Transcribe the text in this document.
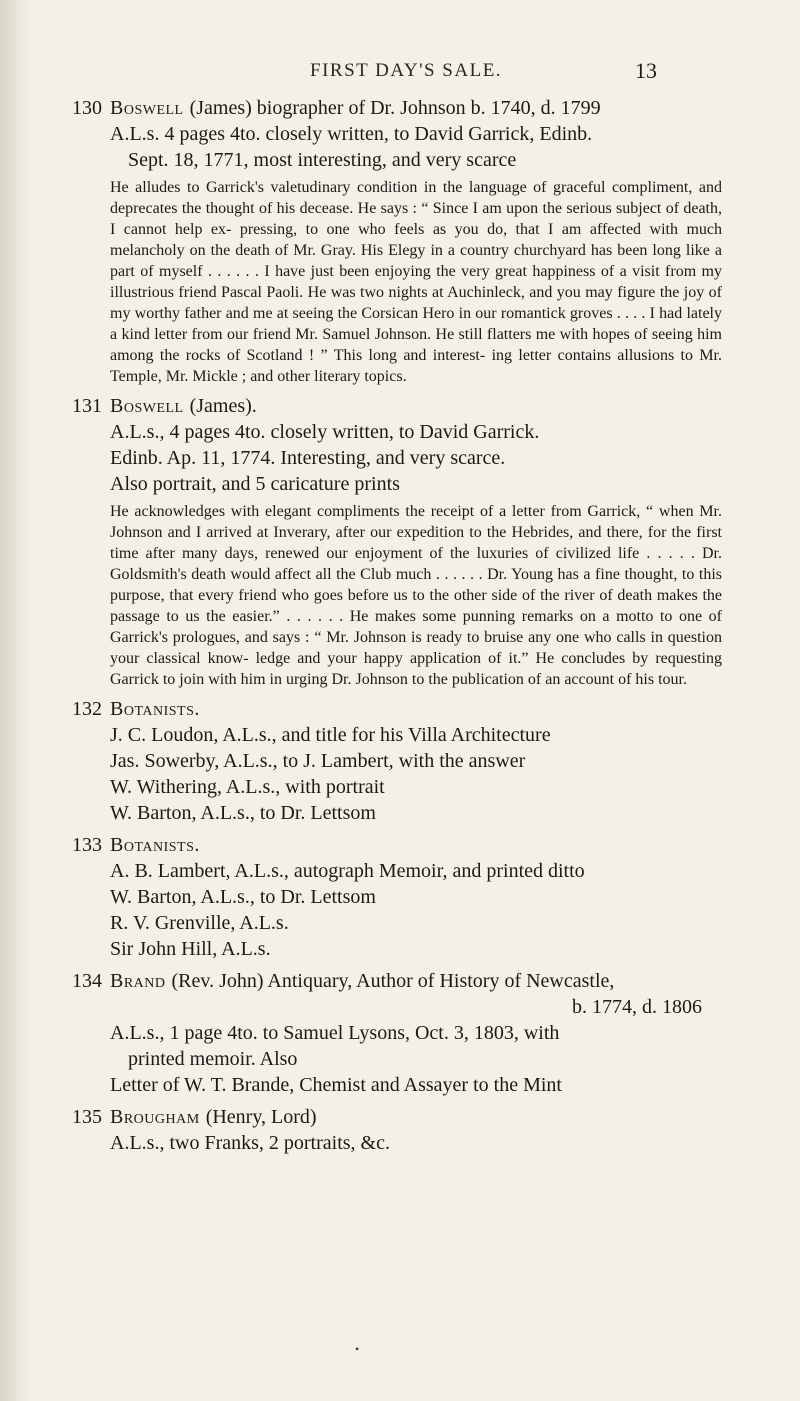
FIRST DAY'S SALE.	13
130 Boswell (James) biographer of Dr. Johnson b. 1740, d. 1799
A.L.s. 4 pages 4to. closely written, to David Garrick, Edinb.
Sept. 18, 1771, most interesting, and very scarce
He alludes to Garrick's valetudinary condition in the language of graceful compliment, and deprecates the thought of his decease. He says : “ Since I am upon the serious subject of death, I cannot help ex- pressing, to one who feels as you do, that I am affected with much melancholy on the death of Mr. Gray. His Elegy in a country churchyard has been long like a part of myself . . . . . . I have just been enjoying the very great happiness of a visit from my illustrious friend Pascal Paoli. He was two nights at Auchinleck, and you may figure the joy of my worthy father and me at seeing the Corsican Hero in our romantick groves . . . . I had lately a kind letter from our friend Mr. Samuel Johnson. He still flatters me with hopes of seeing him among the rocks of Scotland ! ” This long and interest- ing letter contains allusions to Mr. Temple, Mr. Mickle ; and other literary topics.
131 Boswell (James).
A.L.s., 4 pages 4to. closely written, to David Garrick.
Edinb. Ap. 11, 1774. Interesting, and very scarce.
Also portrait, and 5 caricature prints
He acknowledges with elegant compliments the receipt of a letter from Garrick, “ when Mr. Johnson and I arrived at Inverary, after our expedition to the Hebrides, and there, for the first time after many days, renewed our enjoyment of the luxuries of civilized life . . . . . Dr. Goldsmith's death would affect all the Club much . . . . . . Dr. Young has a fine thought, to this purpose, that every friend who goes before us to the other side of the river of death makes the passage to us the easier.” . . . . . . He makes some punning remarks on a motto to one of Garrick's prologues, and says : “ Mr. Johnson is ready to bruise any one who calls in question your classical know- ledge and your happy application of it.” He concludes by requesting Garrick to join with him in urging Dr. Johnson to the publication of an account of his tour.
132 Botanists.
J. C. Loudon, A.L.s., and title for his Villa Architecture
Jas. Sowerby, A.L.s., to J. Lambert, with the answer
W. Withering, A.L.s., with portrait
W. Barton, A.L.s., to Dr. Lettsom
133 Botanists.
A. B. Lambert, A.L.s., autograph Memoir, and printed ditto
W. Barton, A.L.s., to Dr. Lettsom
R. V. Grenville, A.L.s.
Sir John Hill, A.L.s.
134 Brand (Rev. John) Antiquary, Author of History of Newcastle,
b. 1774, d. 1806
A.L.s., 1 page 4to. to Samuel Lysons, Oct. 3, 1803, with
printed memoir. Also
Letter of W. T. Brande, Chemist and Assayer to the Mint
135 Brougham (Henry, Lord)
A.L.s., two Franks, 2 portraits, &c.
•
